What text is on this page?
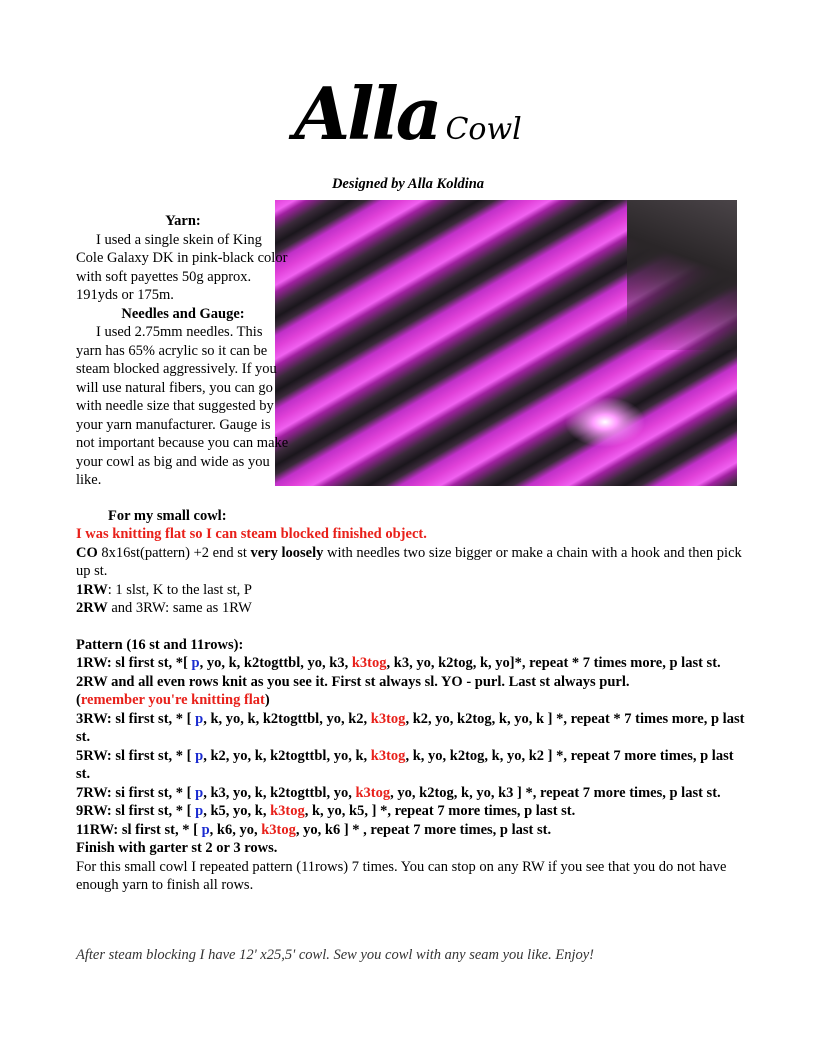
Alla Cowl
Designed by Alla Koldina

Yarn:

I used a single skein of King Cole Galaxy DK in pink-black color with soft payettes 50g approx. 191yds or 175m.

Needles and Gauge:

I used 2.75mm needles. This yarn has 65% acrylic so it can be steam blocked aggressively. If you will use natural fibers, you can go with needle size that suggested by your yarn manufacturer. Gauge is not important because you can make your cowl as big and wide as you like.

For my small cowl:

I was knitting flat so I can steam blocked finished object.

CO 8x16st(pattern) +2 end st very loosely with needles two size bigger or make a chain with a hook and then pick up st.

1RW: 1 slst, K to the last st, P

2RW and 3RW: same as 1RW

Pattern (16 st and 11rows):

1RW: sl first st, *[ p, yo, k, k2togttbl, yo, k3, k3tog, k3, yo, k2tog, k, yo]*, repeat * 7 times more, p last st.

2RW and all even rows knit as you see it. First st always sl. YO - purl. Last st always purl.
(remember you're knitting flat)

3RW: sl first st, * [ p, k, yo, k, k2togttbl, yo, k2, k3tog, k2, yo, k2tog, k, yo, k ] *, repeat * 7 times more, p last st.

5RW: sl first st, * [ p, k2, yo, k, k2togttbl, yo, k, k3tog, k, yo, k2tog, k, yo, k2 ] *, repeat 7 more times, p last st.

7RW: si first st, * [ p, k3, yo, k, k2togttbl, yo, k3tog, yo, k2tog, k, yo, k3 ] *, repeat 7 more times, p last st.

9RW: sl first st, * [ p, k5, yo, k, k3tog, k, yo, k5, ] *, repeat 7 more times, p last st.

11RW: sl first st, * [ p, k6, yo, k3tog, yo, k6 ] * , repeat 7 more times, p last st.

Finish with garter st 2 or 3 rows.

For this small cowl I repeated pattern (11rows) 7 times. You can stop on any RW if you see that you do not have enough yarn to finish all rows.

After steam blocking I have 12' x25,5' cowl. Sew you cowl with any seam you like. Enjoy!
